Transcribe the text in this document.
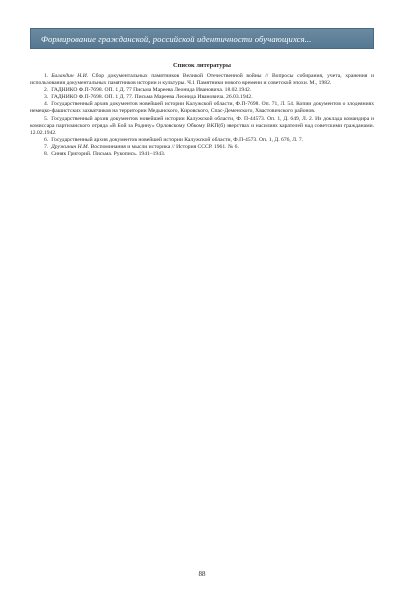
Формирование гражданской, российской идентичности обучающихся...
Список литературы
1. Балакдин Н.И. Сбор документальных памятников Великой Отечественной войны // Вопросы собирания, учета, хранения и использования документальных памятников истории и культуры. Ч.1 Памятники нового времени и советской эпохи. М., 1982.
2. ГАДНИКО Ф.П-7698. ОП. 1 Д. 77 Письма Мареева Леонида Ивановича. 18.02.1942.
3. ГАДНИКО Ф.П-7698. ОП. 1 Д. 77. Письма Мареева Леонида Ивановича. 26.03.1942.
4. Государственный архив документов новейшей истории Калужской области, Ф.П-7698. Оп. 71, Л. 54. Копии документов о злодеяниях немецко-фашистских захватчиков на территории Медынского, Кировского, Спас-Деменского, Хвастовичского районов.
5. Государственный архив документов новейшей истории Калужской области, Ф. П-44573. Оп. 1, Д. 649, Л. 2. Из доклада командира и комиссара партизанского отряда «В Бой за Родину» Орловскому Обкому ВКП(б) зверствах и насилиях карателей над советскими гражданами. 12.02.1942.
6. Государственный архив документов новейшей истории Калужской области, Ф.П-4573. Оп. 1, Д. 676, Л. 7.
7. Дружинин Н.М. Воспоминания и мысли историка // История СССР. 1961. № 6.
8. Синяк Григорий. Письма. Рукопись. 1941–1943.
88
